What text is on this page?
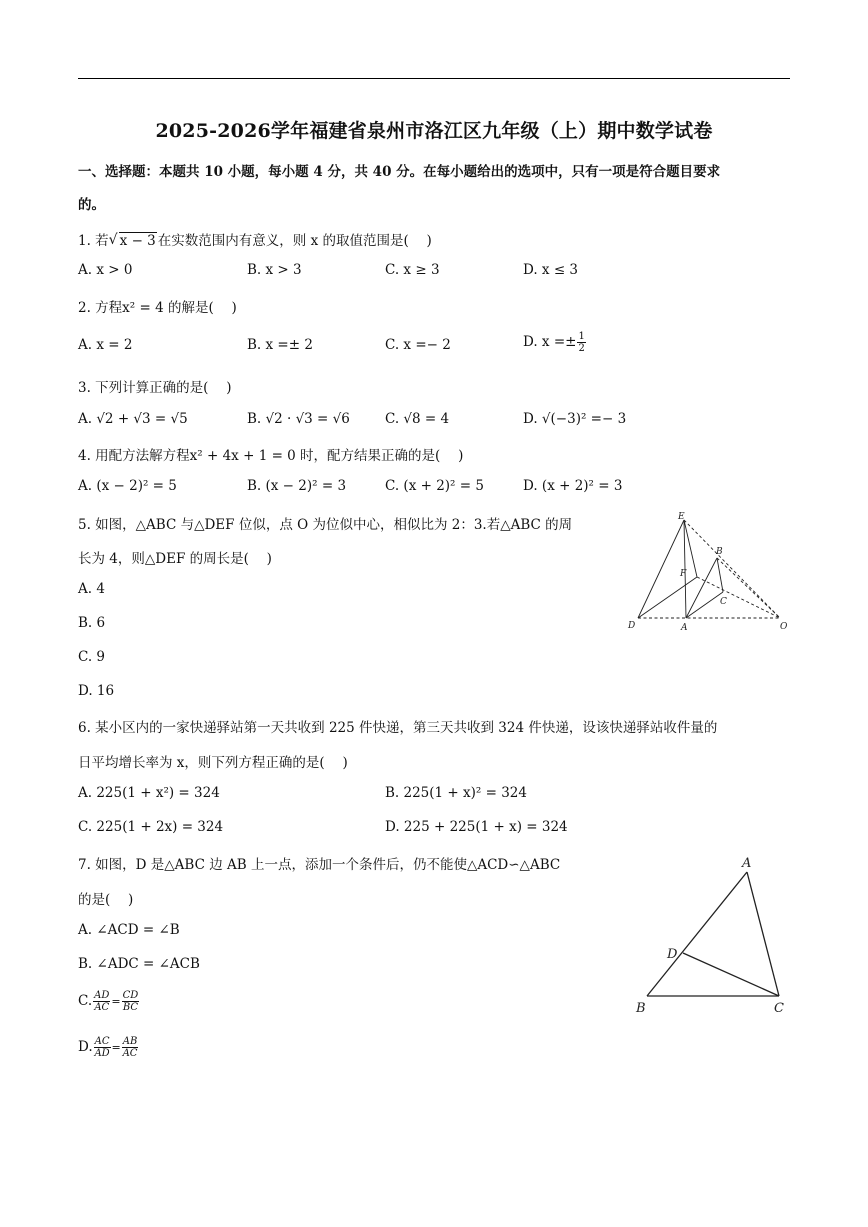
2025-2026学年福建省泉州市洛江区九年级（上）期中数学试卷
一、选择题：本题共 10 小题，每小题 4 分，共 40 分。在每小题给出的选项中，只有一项是符合题目要求
的。
1. 若√ x − 3 在实数范围内有意义，则 x 的取值范围是(　 )
A. x > 0	B. x > 3	C. x ≥ 3	D. x ≤ 3
2. 方程x² = 4 的解是(　 )
A. x = 2	B. x =± 2	C. x =− 2	D. $x =\pm \frac{1}{2}$
3. 下列计算正确的是(　 )
A. √2 + √3 = √5	B. √2 · √3 = √6	C. √8 = 4	D. √(−3)² =− 3
4. 用配方法解方程x² + 4x + 1 = 0 时，配方结果正确的是(　 )
A. (x − 2)² = 5	B. (x − 2)² = 3	C. (x + 2)² = 5	D. (x + 2)² = 3
5. 如图，△ABC 与△DEF 位似，点 O 为位似中心，相似比为 2：3.若△ABC 的周
长为 4，则△DEF 的周长是(　 )
A. 4
B. 6
C. 9
D. 16
E
B
F
C
D	A	O
6. 某小区内的一家快递驿站第一天共收到 225 件快递，第三天共收到 324 件快递，设该快递驿站收件量的
日平均增长率为 x，则下列方程正确的是(　 )
A. 225(1 + x²) = 324	B. 225(1 + x)² = 324
C. 225(1 + 2x) = 324	D. 225 + 225(1 + x) = 324
7. 如图，D 是△ABC 边 AB 上一点，添加一个条件后，仍不能使△ACD∽△ABC
的是(　 )
A. ∠ACD = ∠B
B. ∠ADC = ∠ACB
C. $\frac{AD}{AC} = \frac{CD}{BC}$
D. $\frac{AC}{AD} = \frac{AB}{AC}$
A
D
B	C
